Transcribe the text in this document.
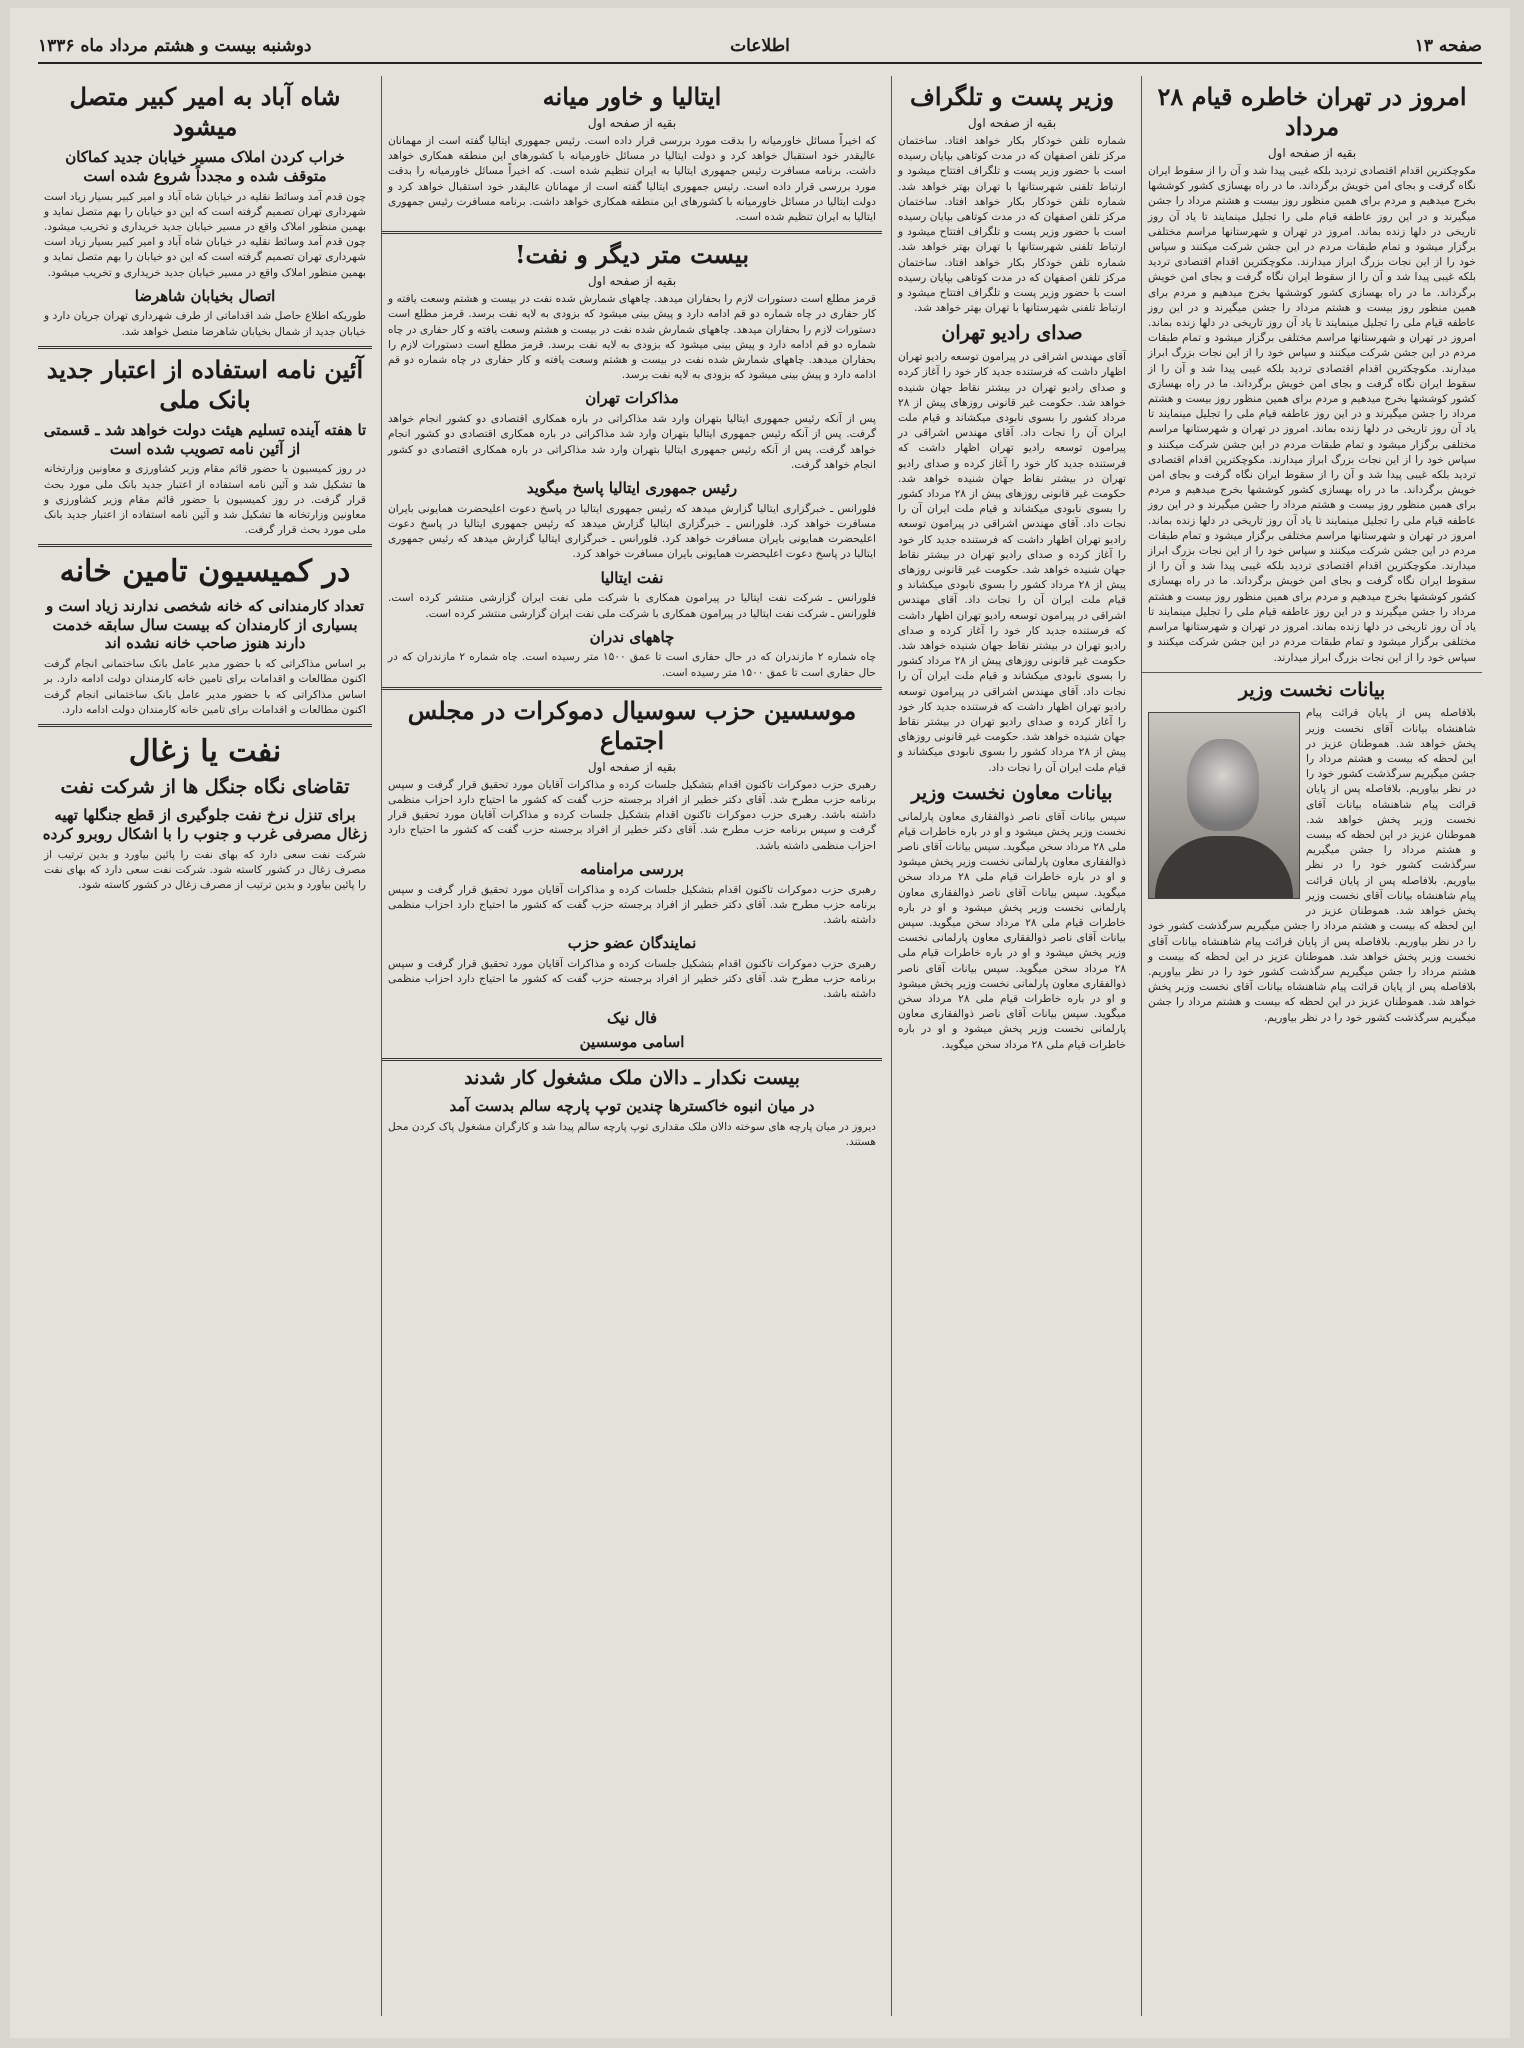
صفحه ۱۳
اطلاعات
دوشنبه بیست و هشتم مرداد ماه ۱۳۳۶
امروز در تهران خاطره قیام ۲۸ مرداد
بقیه از صفحه اول
مکوچکترین اقدام اقتصادی تردید بلکه غیبی پیدا شد و آن را از سقوط ایران نگاه گرفت و بجای امن خویش برگرداند. ما در راه بهسازی کشور کوششها بخرج میدهیم و مردم برای همین منظور روز بیست و هشتم مرداد را جشن میگیرند و در این روز عاطفه قیام ملی را تجلیل مینمایند تا یاد آن روز تاریخی در دلها زنده بماند. امروز در تهران و شهرستانها مراسم مختلفی برگزار میشود و تمام طبقات مردم در این جشن شرکت میکنند و سپاس خود را از این نجات بزرگ ابراز میدارند. مکوچکترین اقدام اقتصادی تردید بلکه غیبی پیدا شد و آن را از سقوط ایران نگاه گرفت و بجای امن خویش برگرداند. ما در راه بهسازی کشور کوششها بخرج میدهیم و مردم برای همین منظور روز بیست و هشتم مرداد را جشن میگیرند و در این روز عاطفه قیام ملی را تجلیل مینمایند تا یاد آن روز تاریخی در دلها زنده بماند. امروز در تهران و شهرستانها مراسم مختلفی برگزار میشود و تمام طبقات مردم در این جشن شرکت میکنند و سپاس خود را از این نجات بزرگ ابراز میدارند. مکوچکترین اقدام اقتصادی تردید بلکه غیبی پیدا شد و آن را از سقوط ایران نگاه گرفت و بجای امن خویش برگرداند. ما در راه بهسازی کشور کوششها بخرج میدهیم و مردم برای همین منظور روز بیست و هشتم مرداد را جشن میگیرند و در این روز عاطفه قیام ملی را تجلیل مینمایند تا یاد آن روز تاریخی در دلها زنده بماند. امروز در تهران و شهرستانها مراسم مختلفی برگزار میشود و تمام طبقات مردم در این جشن شرکت میکنند و سپاس خود را از این نجات بزرگ ابراز میدارند. مکوچکترین اقدام اقتصادی تردید بلکه غیبی پیدا شد و آن را از سقوط ایران نگاه گرفت و بجای امن خویش برگرداند. ما در راه بهسازی کشور کوششها بخرج میدهیم و مردم برای همین منظور روز بیست و هشتم مرداد را جشن میگیرند و در این روز عاطفه قیام ملی را تجلیل مینمایند تا یاد آن روز تاریخی در دلها زنده بماند. امروز در تهران و شهرستانها مراسم مختلفی برگزار میشود و تمام طبقات مردم در این جشن شرکت میکنند و سپاس خود را از این نجات بزرگ ابراز میدارند. مکوچکترین اقدام اقتصادی تردید بلکه غیبی پیدا شد و آن را از سقوط ایران نگاه گرفت و بجای امن خویش برگرداند. ما در راه بهسازی کشور کوششها بخرج میدهیم و مردم برای همین منظور روز بیست و هشتم مرداد را جشن میگیرند و در این روز عاطفه قیام ملی را تجلیل مینمایند تا یاد آن روز تاریخی در دلها زنده بماند. امروز در تهران و شهرستانها مراسم مختلفی برگزار میشود و تمام طبقات مردم در این جشن شرکت میکنند و سپاس خود را از این نجات بزرگ ابراز میدارند.
بیانات نخست وزیر
بلافاصله پس از پایان قرائت پیام شاهنشاه بیانات آقای نخست وزیر پخش خواهد شد. هموطنان عزیز در این لحظه که بیست و هشتم مرداد را جشن میگیریم سرگذشت کشور خود را در نظر بیاوریم. بلافاصله پس از پایان قرائت پیام شاهنشاه بیانات آقای نخست وزیر پخش خواهد شد. هموطنان عزیز در این لحظه که بیست و هشتم مرداد را جشن میگیریم سرگذشت کشور خود را در نظر بیاوریم. بلافاصله پس از پایان قرائت پیام شاهنشاه بیانات آقای نخست وزیر پخش خواهد شد. هموطنان عزیز در این لحظه که بیست و هشتم مرداد را جشن میگیریم سرگذشت کشور خود را در نظر بیاوریم. بلافاصله پس از پایان قرائت پیام شاهنشاه بیانات آقای نخست وزیر پخش خواهد شد. هموطنان عزیز در این لحظه که بیست و هشتم مرداد را جشن میگیریم سرگذشت کشور خود را در نظر بیاوریم. بلافاصله پس از پایان قرائت پیام شاهنشاه بیانات آقای نخست وزیر پخش خواهد شد. هموطنان عزیز در این لحظه که بیست و هشتم مرداد را جشن میگیریم سرگذشت کشور خود را در نظر بیاوریم.
وزیر پست و تلگراف
بقیه از صفحه اول
شماره تلفن خودکار بکار خواهد افتاد. ساختمان مرکز تلفن اصفهان که در مدت کوتاهی بپایان رسیده است با حضور وزیر پست و تلگراف افتتاح میشود و ارتباط تلفنی شهرستانها با تهران بهتر خواهد شد. شماره تلفن خودکار بکار خواهد افتاد. ساختمان مرکز تلفن اصفهان که در مدت کوتاهی بپایان رسیده است با حضور وزیر پست و تلگراف افتتاح میشود و ارتباط تلفنی شهرستانها با تهران بهتر خواهد شد. شماره تلفن خودکار بکار خواهد افتاد. ساختمان مرکز تلفن اصفهان که در مدت کوتاهی بپایان رسیده است با حضور وزیر پست و تلگراف افتتاح میشود و ارتباط تلفنی شهرستانها با تهران بهتر خواهد شد.
صدای رادیو تهران
آقای مهندس اشراقی در پیرامون توسعه رادیو تهران اظهار داشت که فرستنده جدید کار خود را آغاز کرده و صدای رادیو تهران در بیشتر نقاط جهان شنیده خواهد شد. حکومت غیر قانونی روزهای پیش از ۲۸ مرداد کشور را بسوی نابودی میکشاند و قیام ملت ایران آن را نجات داد. آقای مهندس اشراقی در پیرامون توسعه رادیو تهران اظهار داشت که فرستنده جدید کار خود را آغاز کرده و صدای رادیو تهران در بیشتر نقاط جهان شنیده خواهد شد. حکومت غیر قانونی روزهای پیش از ۲۸ مرداد کشور را بسوی نابودی میکشاند و قیام ملت ایران آن را نجات داد. آقای مهندس اشراقی در پیرامون توسعه رادیو تهران اظهار داشت که فرستنده جدید کار خود را آغاز کرده و صدای رادیو تهران در بیشتر نقاط جهان شنیده خواهد شد. حکومت غیر قانونی روزهای پیش از ۲۸ مرداد کشور را بسوی نابودی میکشاند و قیام ملت ایران آن را نجات داد. آقای مهندس اشراقی در پیرامون توسعه رادیو تهران اظهار داشت که فرستنده جدید کار خود را آغاز کرده و صدای رادیو تهران در بیشتر نقاط جهان شنیده خواهد شد. حکومت غیر قانونی روزهای پیش از ۲۸ مرداد کشور را بسوی نابودی میکشاند و قیام ملت ایران آن را نجات داد. آقای مهندس اشراقی در پیرامون توسعه رادیو تهران اظهار داشت که فرستنده جدید کار خود را آغاز کرده و صدای رادیو تهران در بیشتر نقاط جهان شنیده خواهد شد. حکومت غیر قانونی روزهای پیش از ۲۸ مرداد کشور را بسوی نابودی میکشاند و قیام ملت ایران آن را نجات داد.
بیانات معاون نخست وزیر
سپس بیانات آقای ناصر ذوالفقاری معاون پارلمانی نخست وزیر پخش میشود و او در باره خاطرات قیام ملی ۲۸ مرداد سخن میگوید. سپس بیانات آقای ناصر ذوالفقاری معاون پارلمانی نخست وزیر پخش میشود و او در باره خاطرات قیام ملی ۲۸ مرداد سخن میگوید. سپس بیانات آقای ناصر ذوالفقاری معاون پارلمانی نخست وزیر پخش میشود و او در باره خاطرات قیام ملی ۲۸ مرداد سخن میگوید. سپس بیانات آقای ناصر ذوالفقاری معاون پارلمانی نخست وزیر پخش میشود و او در باره خاطرات قیام ملی ۲۸ مرداد سخن میگوید. سپس بیانات آقای ناصر ذوالفقاری معاون پارلمانی نخست وزیر پخش میشود و او در باره خاطرات قیام ملی ۲۸ مرداد سخن میگوید. سپس بیانات آقای ناصر ذوالفقاری معاون پارلمانی نخست وزیر پخش میشود و او در باره خاطرات قیام ملی ۲۸ مرداد سخن میگوید.
ایتالیا و خاور میانه
بقیه از صفحه اول
که اخیراً مسائل خاورمیانه را بدقت مورد بررسی قرار داده است. رئیس جمهوری ایتالیا گفته است از مهمانان عالیقدر خود استقبال خواهد کرد و دولت ایتالیا در مسائل خاورمیانه با کشورهای این منطقه همکاری خواهد داشت. برنامه مسافرت رئیس جمهوری ایتالیا به ایران تنظیم شده است. که اخیراً مسائل خاورمیانه را بدقت مورد بررسی قرار داده است. رئیس جمهوری ایتالیا گفته است از مهمانان عالیقدر خود استقبال خواهد کرد و دولت ایتالیا در مسائل خاورمیانه با کشورهای این منطقه همکاری خواهد داشت. برنامه مسافرت رئیس جمهوری ایتالیا به ایران تنظیم شده است.
بیست متر دیگر و نفت!
بقیه از صفحه اول
قرمز مطلع است دستورات لازم را بحفاران میدهد. چاههای شمارش شده نفت در بیست و هشتم وسعت یافته و کار حفاری در چاه شماره دو قم ادامه دارد و پیش بینی میشود که بزودی به لایه نفت برسد. قرمز مطلع است دستورات لازم را بحفاران میدهد. چاههای شمارش شده نفت در بیست و هشتم وسعت یافته و کار حفاری در چاه شماره دو قم ادامه دارد و پیش بینی میشود که بزودی به لایه نفت برسد. قرمز مطلع است دستورات لازم را بحفاران میدهد. چاههای شمارش شده نفت در بیست و هشتم وسعت یافته و کار حفاری در چاه شماره دو قم ادامه دارد و پیش بینی میشود که بزودی به لایه نفت برسد.
مذاکرات تهران
پس از آنکه رئیس جمهوری ایتالیا بتهران وارد شد مذاکراتی در باره همکاری اقتصادی دو کشور انجام خواهد گرفت. پس از آنکه رئیس جمهوری ایتالیا بتهران وارد شد مذاکراتی در باره همکاری اقتصادی دو کشور انجام خواهد گرفت. پس از آنکه رئیس جمهوری ایتالیا بتهران وارد شد مذاکراتی در باره همکاری اقتصادی دو کشور انجام خواهد گرفت.
رئیس جمهوری ایتالیا پاسخ میگوید
فلورانس ـ خبرگزاری ایتالیا گزارش میدهد که رئیس جمهوری ایتالیا در پاسخ دعوت اعلیحضرت همایونی بایران مسافرت خواهد کرد. فلورانس ـ خبرگزاری ایتالیا گزارش میدهد که رئیس جمهوری ایتالیا در پاسخ دعوت اعلیحضرت همایونی بایران مسافرت خواهد کرد. فلورانس ـ خبرگزاری ایتالیا گزارش میدهد که رئیس جمهوری ایتالیا در پاسخ دعوت اعلیحضرت همایونی بایران مسافرت خواهد کرد.
نفت ایتالیا
فلورانس ـ شرکت نفت ایتالیا در پیرامون همکاری با شرکت ملی نفت ایران گزارشی منتشر کرده است. فلورانس ـ شرکت نفت ایتالیا در پیرامون همکاری با شرکت ملی نفت ایران گزارشی منتشر کرده است.
چاههای ندران
چاه شماره ۲ مازندران که در حال حفاری است تا عمق ۱۵۰۰ متر رسیده است. چاه شماره ۲ مازندران که در حال حفاری است تا عمق ۱۵۰۰ متر رسیده است.
موسسین حزب سوسیال دموکرات در مجلس اجتماع
بقیه از صفحه اول
رهبری حزب دموکرات تاکنون اقدام بتشکیل جلسات کرده و مذاکرات آقایان مورد تحقیق قرار گرفت و سپس برنامه حزب مطرح شد. آقای دکتر خطیر از افراد برجسته حزب گفت که کشور ما احتیاج دارد احزاب منظمی داشته باشد. رهبری حزب دموکرات تاکنون اقدام بتشکیل جلسات کرده و مذاکرات آقایان مورد تحقیق قرار گرفت و سپس برنامه حزب مطرح شد. آقای دکتر خطیر از افراد برجسته حزب گفت که کشور ما احتیاج دارد احزاب منظمی داشته باشد.
بررسی مرامنامه
رهبری حزب دموکرات تاکنون اقدام بتشکیل جلسات کرده و مذاکرات آقایان مورد تحقیق قرار گرفت و سپس برنامه حزب مطرح شد. آقای دکتر خطیر از افراد برجسته حزب گفت که کشور ما احتیاج دارد احزاب منظمی داشته باشد.
نمایندگان عضو حزب
رهبری حزب دموکرات تاکنون اقدام بتشکیل جلسات کرده و مذاکرات آقایان مورد تحقیق قرار گرفت و سپس برنامه حزب مطرح شد. آقای دکتر خطیر از افراد برجسته حزب گفت که کشور ما احتیاج دارد احزاب منظمی داشته باشد.
فال نیک
اسامی موسسین
بیست نکدار ـ دالان ملک مشغول کار شدند
در میان انبوه خاکسترها چندین توپ پارچه سالم بدست آمد
دیروز در میان پارچه های سوخته دالان ملک مقداری توپ پارچه سالم پیدا شد و کارگران مشغول پاک کردن محل هستند.
شاه آباد به امیر کبیر متصل میشود
خراب کردن املاک مسیر خیابان جدید کماکان متوقف شده و مجدداً شروع شده است
چون قدم آمد وسائط نقلیه در خیابان شاه آباد و امیر کبیر بسیار زیاد است شهرداری تهران تصمیم گرفته است که این دو خیابان را بهم متصل نماید و بهمین منظور املاک واقع در مسیر خیابان جدید خریداری و تخریب میشود. چون قدم آمد وسائط نقلیه در خیابان شاه آباد و امیر کبیر بسیار زیاد است شهرداری تهران تصمیم گرفته است که این دو خیابان را بهم متصل نماید و بهمین منظور املاک واقع در مسیر خیابان جدید خریداری و تخریب میشود.
اتصال بخیابان شاهرضا
طوریکه اطلاع حاصل شد اقداماتی از طرف شهرداری تهران جریان دارد و خیابان جدید از شمال بخیابان شاهرضا متصل خواهد شد.
آئین نامه استفاده از اعتبار جدید بانک ملی
تا هفته آینده تسلیم هیئت دولت خواهد شد ـ قسمتی از آئین نامه تصویب شده است
در روز کمیسیون با حضور قائم مقام وزیر کشاورزی و معاونین وزارتخانه ها تشکیل شد و آئین نامه استفاده از اعتبار جدید بانک ملی مورد بحث قرار گرفت. در روز کمیسیون با حضور قائم مقام وزیر کشاورزی و معاونین وزارتخانه ها تشکیل شد و آئین نامه استفاده از اعتبار جدید بانک ملی مورد بحث قرار گرفت.
در کمیسیون تامین خانه
تعداد کارمندانی که خانه شخصی ندارند زیاد است و بسیاری از کارمندان که بیست سال سابقه خدمت دارند هنوز صاحب خانه نشده اند
بر اساس مذاکراتی که با حضور مدیر عامل بانک ساختمانی انجام گرفت اکنون مطالعات و اقدامات برای تامین خانه کارمندان دولت ادامه دارد. بر اساس مذاکراتی که با حضور مدیر عامل بانک ساختمانی انجام گرفت اکنون مطالعات و اقدامات برای تامین خانه کارمندان دولت ادامه دارد.
نفت یا زغال
تقاضای نگاه جنگل ها از شرکت نفت
برای تنزل نرخ نفت جلوگیری از قطع جنگلها تهیه زغال مصرفی غرب و جنوب را با اشکال روبرو کرده
شرکت نفت سعی دارد که بهای نفت را پائین بیاورد و بدین ترتیب از مصرف زغال در کشور کاسته شود. شرکت نفت سعی دارد که بهای نفت را پائین بیاورد و بدین ترتیب از مصرف زغال در کشور کاسته شود.
